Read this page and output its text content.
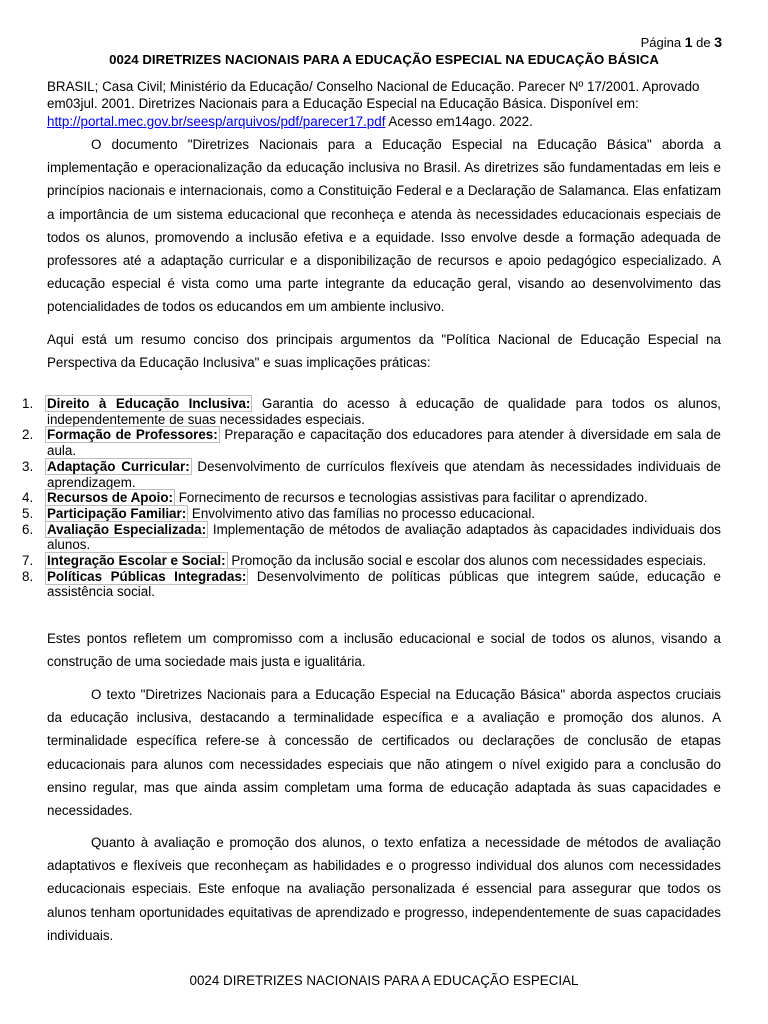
Página 1 de 3
0024 DIRETRIZES NACIONAIS PARA A EDUCAÇÃO ESPECIAL NA EDUCAÇÃO BÁSICA
BRASIL; Casa Civil; Ministério da Educação/ Conselho Nacional de Educação. Parecer Nº 17/2001. Aprovado em03jul. 2001. Diretrizes Nacionais para a Educação Especial na Educação Básica. Disponível em: http://portal.mec.gov.br/seesp/arquivos/pdf/parecer17.pdf Acesso em14ago. 2022.

O documento "Diretrizes Nacionais para a Educação Especial na Educação Básica" aborda a implementação e operacionalização da educação inclusiva no Brasil. As diretrizes são fundamentadas em leis e princípios nacionais e internacionais, como a Constituição Federal e a Declaração de Salamanca. Elas enfatizam a importância de um sistema educacional que reconheça e atenda às necessidades educacionais especiais de todos os alunos, promovendo a inclusão efetiva e a equidade. Isso envolve desde a formação adequada de professores até a adaptação curricular e a disponibilização de recursos e apoio pedagógico especializado. A educação especial é vista como uma parte integrante da educação geral, visando ao desenvolvimento das potencialidades de todos os educandos em um ambiente inclusivo.

Aqui está um resumo conciso dos principais argumentos da "Política Nacional de Educação Especial na Perspectiva da Educação Inclusiva" e suas implicações práticas:

1. Direito à Educação Inclusiva: Garantia do acesso à educação de qualidade para todos os alunos, independentemente de suas necessidades especiais.
2. Formação de Professores: Preparação e capacitação dos educadores para atender à diversidade em sala de aula.
3. Adaptação Curricular: Desenvolvimento de currículos flexíveis que atendam às necessidades individuais de aprendizagem.
4. Recursos de Apoio: Fornecimento de recursos e tecnologias assistivas para facilitar o aprendizado.
5. Participação Familiar: Envolvimento ativo das famílias no processo educacional.
6. Avaliação Especializada: Implementação de métodos de avaliação adaptados às capacidades individuais dos alunos.
7. Integração Escolar e Social: Promoção da inclusão social e escolar dos alunos com necessidades especiais.
8. Políticas Públicas Integradas: Desenvolvimento de políticas públicas que integrem saúde, educação e assistência social.

Estes pontos refletem um compromisso com a inclusão educacional e social de todos os alunos, visando a construção de uma sociedade mais justa e igualitária.

O texto "Diretrizes Nacionais para a Educação Especial na Educação Básica" aborda aspectos cruciais da educação inclusiva, destacando a terminalidade específica e a avaliação e promoção dos alunos. A terminalidade específica refere-se à concessão de certificados ou declarações de conclusão de etapas educacionais para alunos com necessidades especiais que não atingem o nível exigido para a conclusão do ensino regular, mas que ainda assim completam uma forma de educação adaptada às suas capacidades e necessidades.

Quanto à avaliação e promoção dos alunos, o texto enfatiza a necessidade de métodos de avaliação adaptativos e flexíveis que reconheçam as habilidades e o progresso individual dos alunos com necessidades educacionais especiais. Este enfoque na avaliação personalizada é essencial para assegurar que todos os alunos tenham oportunidades equitativas de aprendizado e progresso, independentemente de suas capacidades individuais.

0024 DIRETRIZES NACIONAIS PARA A EDUCAÇÃO ESPECIAL
